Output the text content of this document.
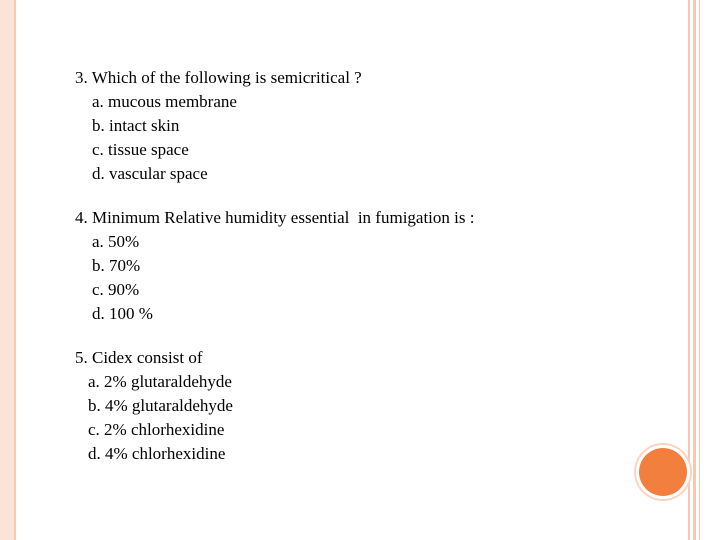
3. Which of the following is semicritical ?
a. mucous membrane
b. intact skin
c. tissue space
d. vascular space
4. Minimum Relative humidity essential  in fumigation is :
a. 50%
b. 70%
c. 90%
d. 100 %
5. Cidex consist of
a. 2% glutaraldehyde
b. 4% glutaraldehyde
c. 2% chlorhexidine
d. 4% chlorhexidine
